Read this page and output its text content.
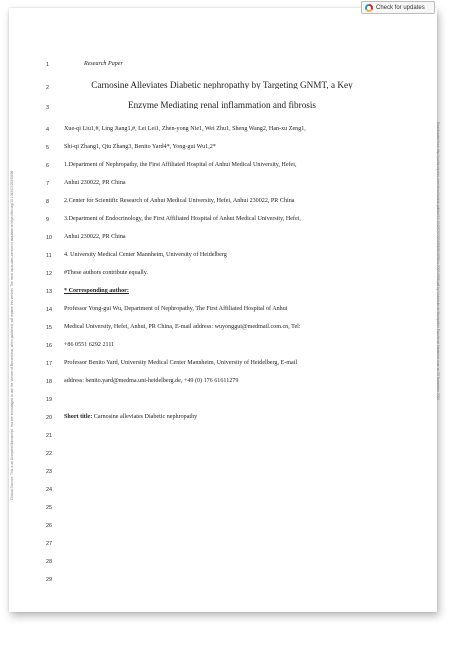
Check for updates
Clinical Science. This is an Accepted Manuscript. You are encouraged to use the Version of Record that, when published, will replace this version. The most up-to-date-version is available at https://doi.org/10.1042/CS20200956	Downloaded from http://portlandpress.com/clinsci/article-pdf/doi/10.1042/CS20200956/901658/cs-2020-0956.pdf by Universite de Montpellier Faculte de Medecine user on 29 November 2020
1	Research Paper
2	Carnosine Alleviates Diabetic nephropathy by Targeting GNMT, a Key
3	Enzyme Mediating renal inflammation and fibrosis
4	Xue-qi Liu1,#, Ling Jiang1,#, Lei Lei1, Zhen-yong Nie1, Wei Zhu1, Sheng Wang2, Han-xu Zeng1,
5	Shi-qi Zhang1, Qiu Zhang3, Benito Yard4*, Yong-gui Wu1,2*
6	1.Department of Nephropathy, the First Affiliated Hospital of Anhui Medical University, Hefei,
7	Anhui 230022, PR China
8	2.Center for Scientific Research of Anhui Medical University, Hefei, Anhui 230022, PR China
9	3.Department of Endocrinology, the First Affiliated Hospital of Anhui Medical University, Hefei,
10	Anhui 230022, PR China
11	4. University Medical Center Mannheim, University of Heidelberg
12	#These authors contribute equally.
13	* Corresponding author:
14	Professor Yong-gui Wu, Department of Nephropathy, The First Affiliated Hospital of Anhui
15	Medical University, Hefei, Anhui, PR China, E-mail address: wuyonggui@medmail.com.cn, Tel:
16	+86 0551 6292 2111
17	Professor Benito Yard, University Medical Center Mannheim, University of Heidelberg, E-mail
18	address: benito.yard@medma.uni-heidelberg.de, +49 (0) 176 61611279
19
20	Short title: Carnosine alleviates Diabetic nephropathy
21
22
23
24
25
26
27
28
29
